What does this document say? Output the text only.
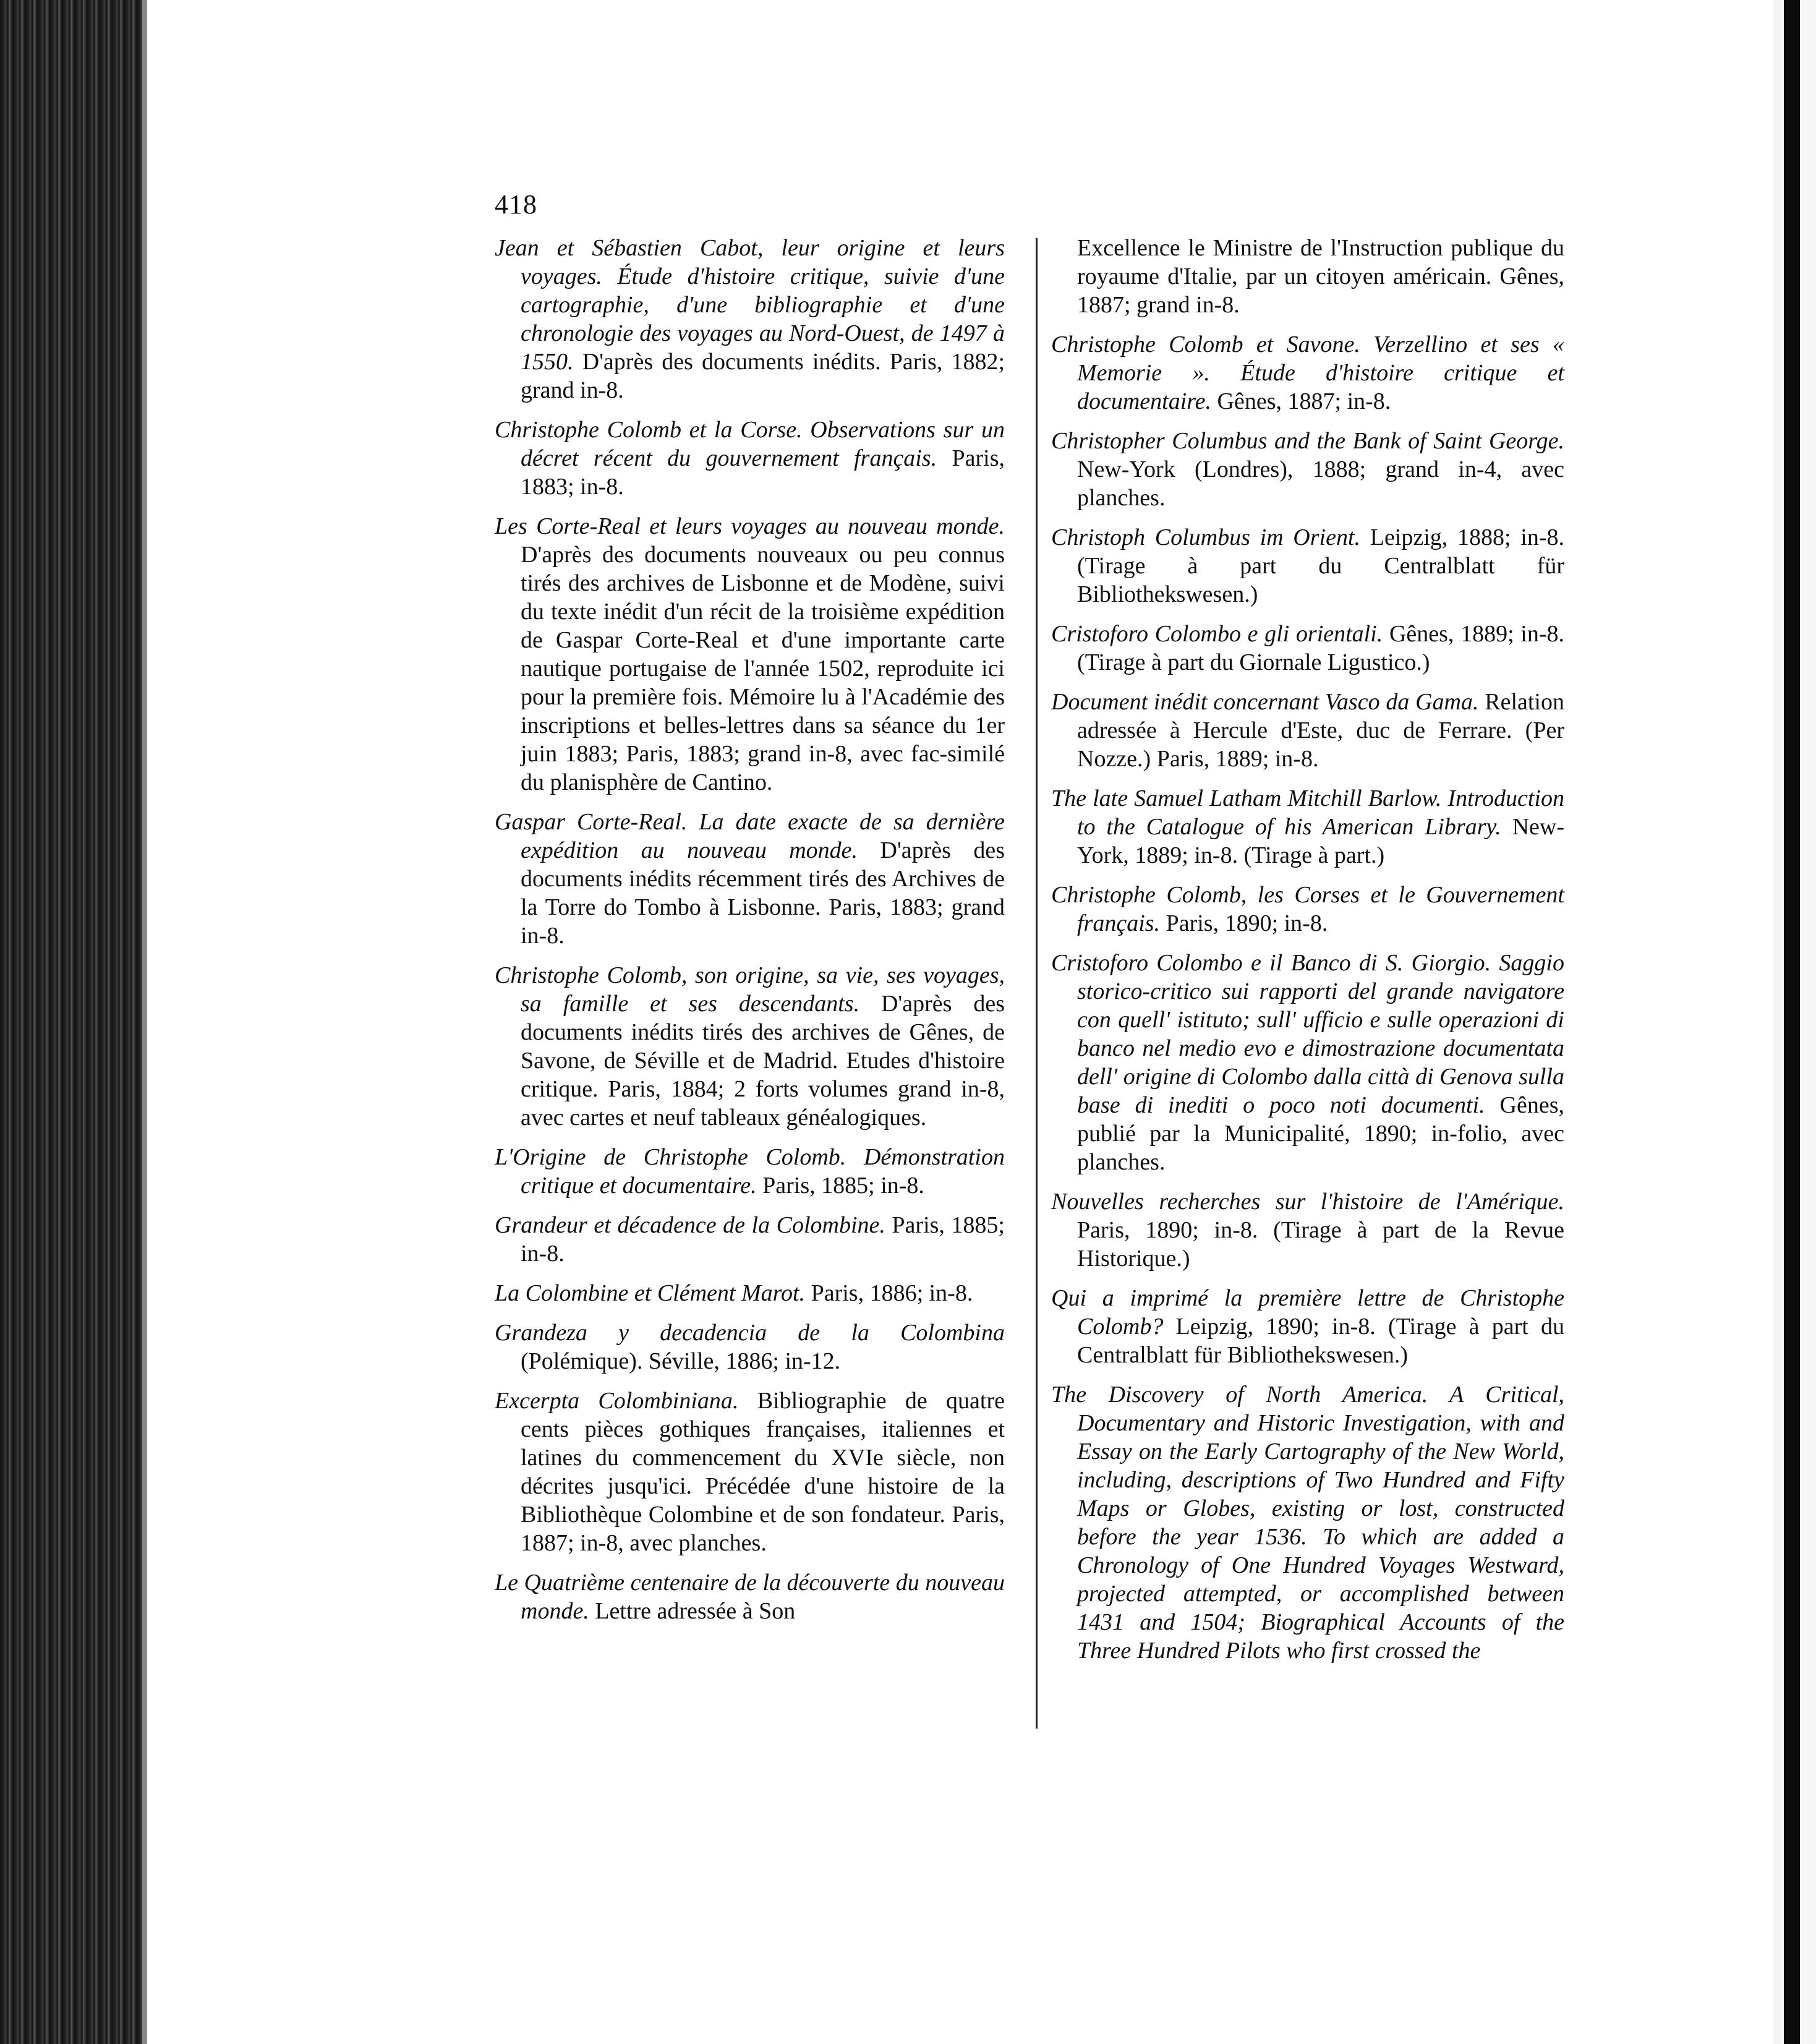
418

Jean et Sébastien Cabot, leur origine et leurs voyages. Étude d'histoire critique, suivie d'une cartographie, d'une bibliographie et d'une chronologie des voyages au Nord-Ouest, de 1497 à 1550. D'après des documents inédits. Paris, 1882; grand in-8.

Christophe Colomb et la Corse. Observations sur un décret récent du gouvernement français. Paris, 1883; in-8.

Les Corte-Real et leurs voyages au nouveau monde. D'après des documents nouveaux ou peu connus tirés des archives de Lisbonne et de Modène, suivi du texte inédit d'un récit de la troisième expédition de Gaspar Corte-Real et d'une importante carte nautique portugaise de l'année 1502, reproduite ici pour la première fois. Mémoire lu à l'Académie des inscriptions et belles-lettres dans sa séance du 1er juin 1883; Paris, 1883; grand in-8, avec fac-similé du planisphère de Cantino.

Gaspar Corte-Real. La date exacte de sa dernière expédition au nouveau monde. D'après des documents inédits récemment tirés des Archives de la Torre do Tombo à Lisbonne. Paris, 1883; grand in-8.

Christophe Colomb, son origine, sa vie, ses voyages, sa famille et ses descendants. D'après des documents inédits tirés des archives de Gênes, de Savone, de Séville et de Madrid. Etudes d'histoire critique. Paris, 1884; 2 forts volumes grand in-8, avec cartes et neuf tableaux généalogiques.

L'Origine de Christophe Colomb. Démonstration critique et documentaire. Paris, 1885; in-8.

Grandeur et décadence de la Colombine. Paris, 1885; in-8.

La Colombine et Clément Marot. Paris, 1886; in-8.

Grandeza y decadencia de la Colombina (Polémique). Séville, 1886; in-12.

Excerpta Colombiniana. Bibliographie de quatre cents pièces gothiques françaises, italiennes et latines du commencement du XVIe siècle, non décrites jusqu'ici. Précédée d'une histoire de la Bibliothèque Colombine et de son fondateur. Paris, 1887; in-8, avec planches.

Le Quatrième centenaire de la découverte du nouveau monde. Lettre adressée à Son

Excellence le Ministre de l'Instruction publique du royaume d'Italie, par un citoyen américain. Gênes, 1887; grand in-8.

Christophe Colomb et Savone. Verzellino et ses « Memorie ». Étude d'histoire critique et documentaire. Gênes, 1887; in-8.

Christopher Columbus and the Bank of Saint George. New-York (Londres), 1888; grand in-4, avec planches.

Christoph Columbus im Orient. Leipzig, 1888; in-8. (Tirage à part du Centralblatt für Bibliothekswesen.)

Cristoforo Colombo e gli orientali. Gênes, 1889; in-8. (Tirage à part du Giornale Ligustico.)

Document inédit concernant Vasco da Gama. Relation adressée à Hercule d'Este, duc de Ferrare. (Per Nozze.) Paris, 1889; in-8.

The late Samuel Latham Mitchill Barlow. Introduction to the Catalogue of his American Library. New-York, 1889; in-8. (Tirage à part.)

Christophe Colomb, les Corses et le Gouvernement français. Paris, 1890; in-8.

Cristoforo Colombo e il Banco di S. Giorgio. Saggio storico-critico sui rapporti del grande navigatore con quell' istituto; sull' ufficio e sulle operazioni di banco nel medio evo e dimostrazione documentata dell' origine di Colombo dalla città di Genova sulla base di inediti o poco noti documenti. Gênes, publié par la Municipalité, 1890; in-folio, avec planches.

Nouvelles recherches sur l'histoire de l'Amérique. Paris, 1890; in-8. (Tirage à part de la Revue Historique.)

Qui a imprimé la première lettre de Christophe Colomb? Leipzig, 1890; in-8. (Tirage à part du Centralblatt für Bibliothekswesen.)

The Discovery of North America. A Critical, Documentary and Historic Investigation, with and Essay on the Early Cartography of the New World, including, descriptions of Two Hundred and Fifty Maps or Globes, existing or lost, constructed before the year 1536. To which are added a Chronology of One Hundred Voyages Westward, projected attempted, or accomplished between 1431 and 1504; Biographical Accounts of the Three Hundred Pilots who first crossed the
